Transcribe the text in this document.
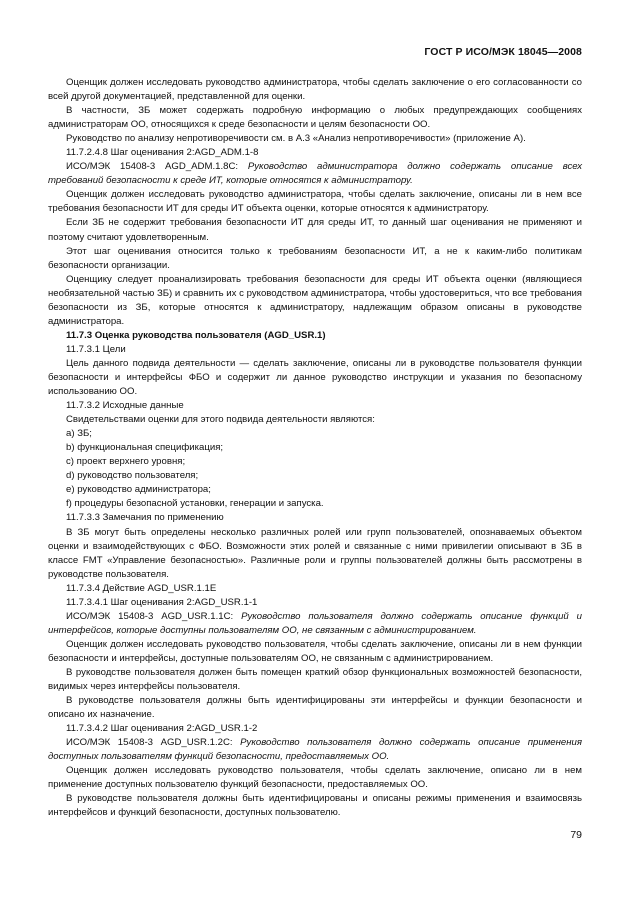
ГОСТ Р ИСО/МЭК 18045—2008

Оценщик должен исследовать руководство администратора, чтобы сделать заключение о его согласованности со всей другой документацией, представленной для оценки.

В частности, ЗБ может содержать подробную информацию о любых предупреждающих сообщениях администраторам ОО, относящихся к среде безопасности и целям безопасности ОО.

Руководство по анализу непротиворечивости см. в А.3 «Анализ непротиворечивости» (приложение А).

11.7.2.4.8 Шаг оценивания 2:AGD_ADM.1-8

ИСО/МЭК 15408-3 AGD_ADM.1.8С: Руководство администратора должно содержать описание всех требований безопасности к среде ИТ, которые относятся к администратору.

Оценщик должен исследовать руководство администратора, чтобы сделать заключение, описаны ли в нем все требования безопасности ИТ для среды ИТ объекта оценки, которые относятся к администратору.

Если ЗБ не содержит требования безопасности ИТ для среды ИТ, то данный шаг оценивания не применяют и поэтому считают удовлетворенным.

Этот шаг оценивания относится только к требованиям безопасности ИТ, а не к каким-либо политикам безопасности организации.

Оценщику следует проанализировать требования безопасности для среды ИТ объекта оценки (являющиеся необязательной частью ЗБ) и сравнить их с руководством администратора, чтобы удостовериться, что все требования безопасности из ЗБ, которые относятся к администратору, надлежащим образом описаны в руководстве администратора.

11.7.3 Оценка руководства пользователя (AGD_USR.1)

11.7.3.1 Цели

Цель данного подвида деятельности — сделать заключение, описаны ли в руководстве пользователя функции безопасности и интерфейсы ФБО и содержит ли данное руководство инструкции и указания по безопасному использованию ОО.

11.7.3.2 Исходные данные

Свидетельствами оценки для этого подвида деятельности являются:

a) ЗБ;

b) функциональная спецификация;

c) проект верхнего уровня;

d) руководство пользователя;

e) руководство администратора;

f) процедуры безопасной установки, генерации и запуска.

11.7.3.3 Замечания по применению

В ЗБ могут быть определены несколько различных ролей или групп пользователей, опознаваемых объектом оценки и взаимодействующих с ФБО. Возможности этих ролей и связанные с ними привилегии описывают в ЗБ в классе FMT «Управление безопасностью». Различные роли и группы пользователей должны быть рассмотрены в руководстве пользователя.

11.7.3.4 Действие AGD_USR.1.1E

11.7.3.4.1 Шаг оценивания 2:AGD_USR.1-1

ИСО/МЭК 15408-3 AGD_USR.1.1С: Руководство пользователя должно содержать описание функций и интерфейсов, которые доступны пользователям ОО, не связанным с администрированием.

Оценщик должен исследовать руководство пользователя, чтобы сделать заключение, описаны ли в нем функции безопасности и интерфейсы, доступные пользователям ОО, не связанным с администрированием.

В руководстве пользователя должен быть помещен краткий обзор функциональных возможностей безопасности, видимых через интерфейсы пользователя.

В руководстве пользователя должны быть идентифицированы эти интерфейсы и функции безопасности и описано их назначение.

11.7.3.4.2 Шаг оценивания 2:AGD_USR.1-2

ИСО/МЭК 15408-3 AGD_USR.1.2С: Руководство пользователя должно содержать описание применения доступных пользователям функций безопасности, предоставляемых ОО.

Оценщик должен исследовать руководство пользователя, чтобы сделать заключение, описано ли в нем применение доступных пользователю функций безопасности, предоставляемых ОО.

В руководстве пользователя должны быть идентифицированы и описаны режимы применения и взаимосвязь интерфейсов и функций безопасности, доступных пользователю.

79
